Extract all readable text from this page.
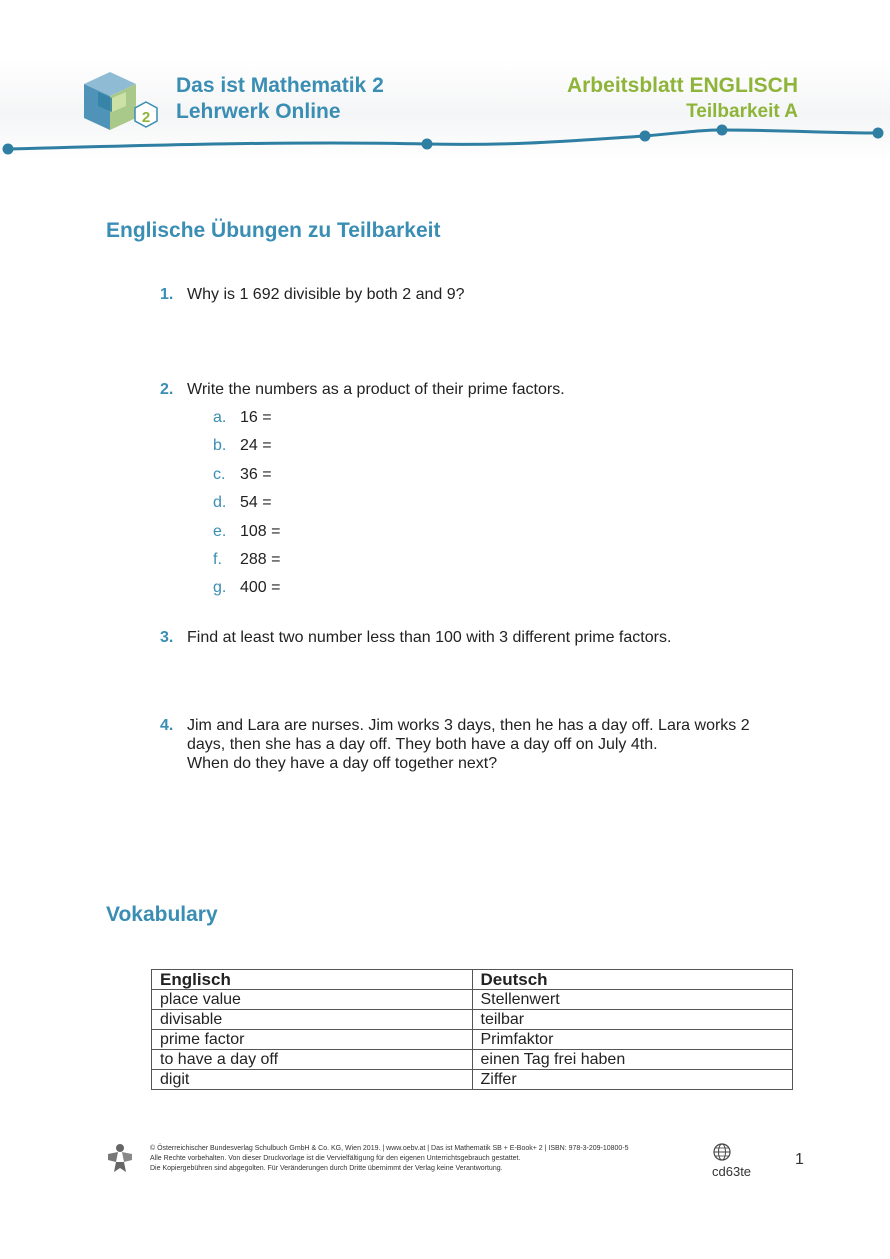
2
Das ist Mathematik 2
Lehrwerk Online
Arbeitsblatt ENGLISCH
Teilbarkeit A
Englische Übungen zu Teilbarkeit
1. Why is 1 692 divisible by both 2 and 9?
2. Write the numbers as a product of their prime factors.
a. 16 =
b. 24 =
c. 36 =
d. 54 =
e. 108 =
f. 288 =
g. 400 =
3. Find at least two number less than 100 with 3 different prime factors.
4. Jim and Lara are nurses. Jim works 3 days, then he has a day off. Lara works 2
days, then she has a day off. They both have a day off on July 4th.
When do they have a day off together next?
Vokabulary
Englisch	Deutsch
place value	Stellenwert
divisable	teilbar
prime factor	Primfaktor
to have a day off	einen Tag frei haben
digit	Ziffer
© Österreichischer Bundesverlag Schulbuch GmbH & Co. KG, Wien 2019. | www.oebv.at | Das ist Mathematik SB + E-Book+ 2 | ISBN: 978-3-209-10800-5
Alle Rechte vorbehalten. Von dieser Druckvorlage ist die Vervielfältigung für den eigenen Unterrichtsgebrauch gestattet.
Die Kopiergebühren sind abgegolten. Für Veränderungen durch Dritte übernimmt der Verlag keine Verantwortung.	cd63te
1
